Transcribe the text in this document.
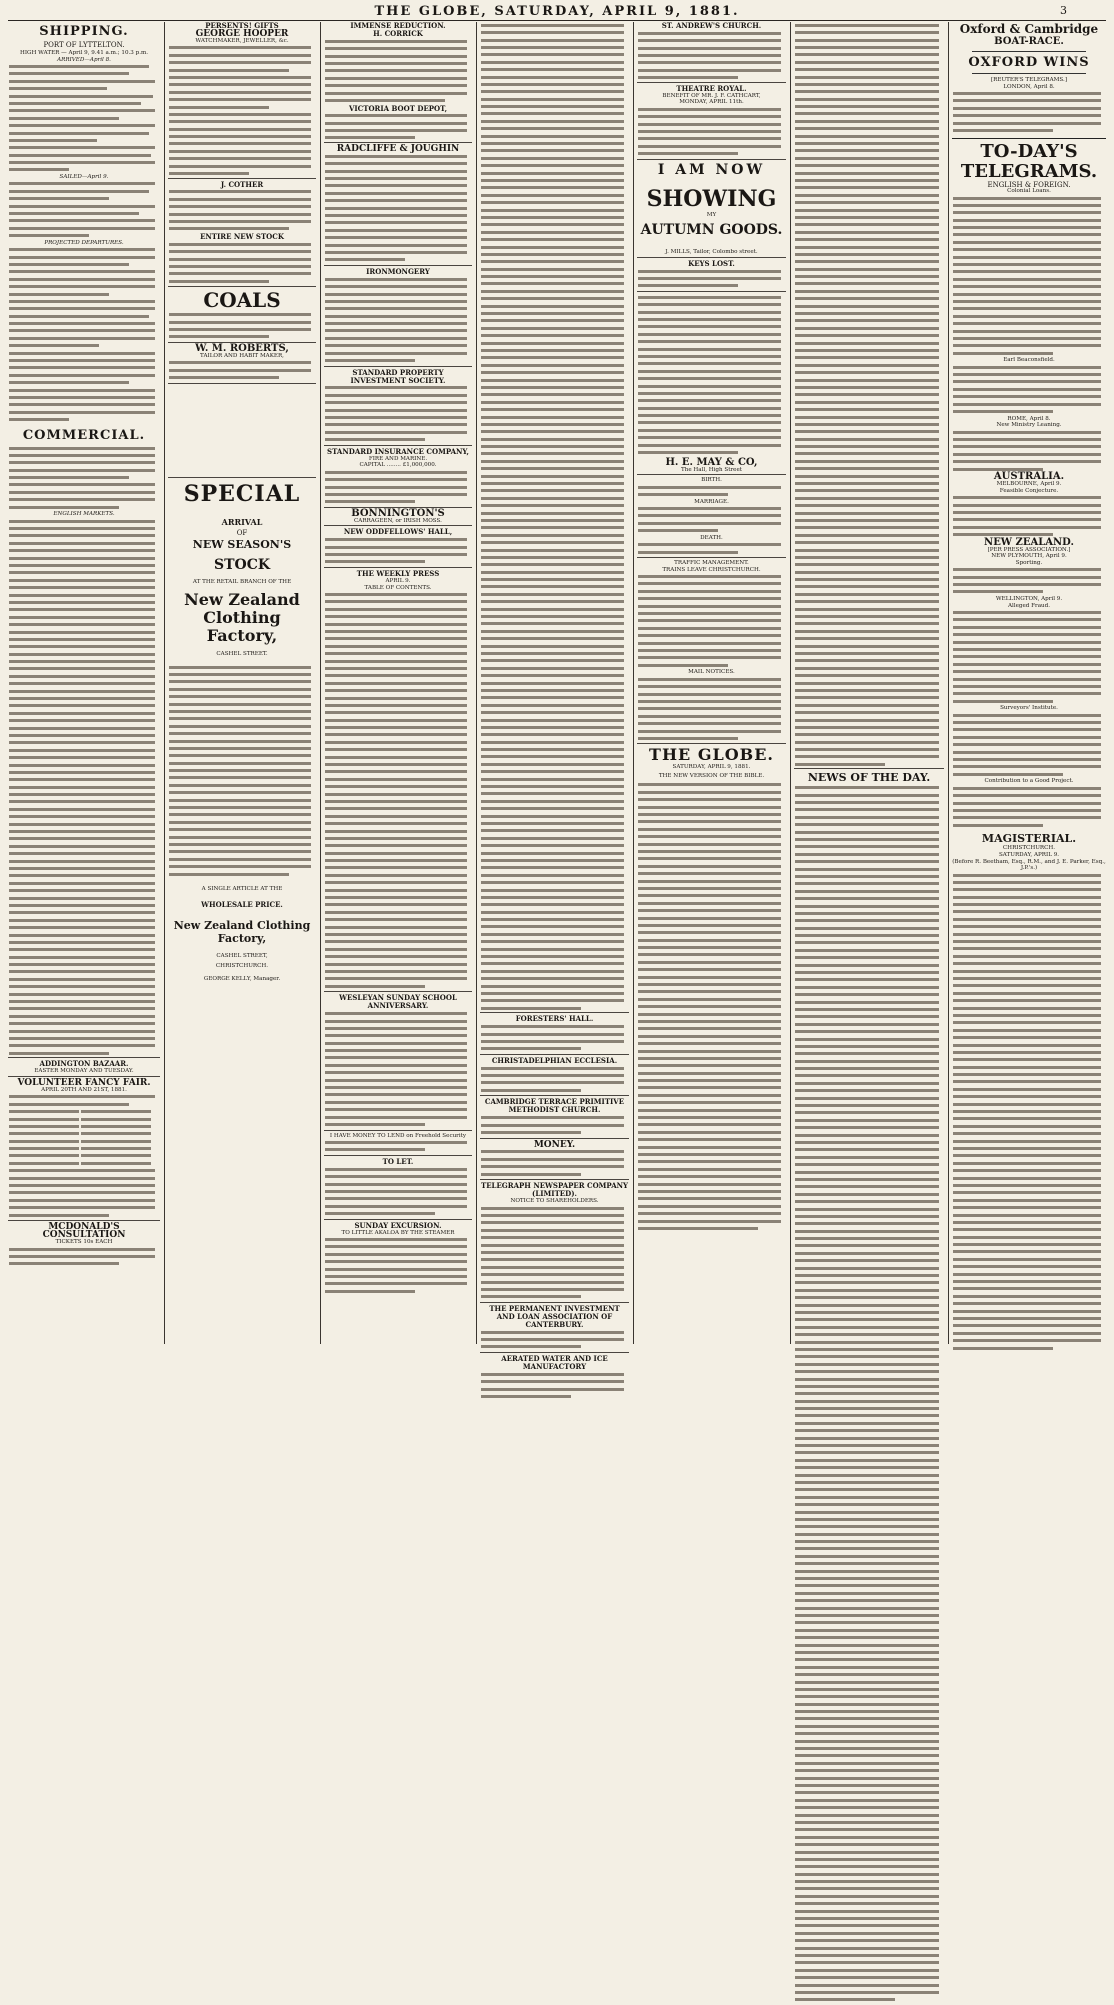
THE GLOBE, SATURDAY, APRIL 9, 1881.	3
SHIPPING.
PORT OF LYTTELTON.
HIGH WATER — April 9, 9.41 a.m.; 10.3 p.m.
ARRIVED—April 8.
SAILED—April 9.
PROJECTED DEPARTURES.
COMMERCIAL.
ENGLISH MARKETS.
ADDINGTON BAZAAR.
EASTER MONDAY AND TUESDAY.
VOLUNTEER FANCY FAIR.
APRIL 20TH AND 21ST, 1881.
MCDONALD'S CONSULTATION
TICKETS 10s EACH
PERSENTS! GIFTS
GEORGE HOOPER
WATCHMAKER, JEWELLER, &c.
J. COTHER
ENTIRE NEW STOCK
COALS
W. M. ROBERTS,
TAILOR AND HABIT MAKER,
SPECIAL
ARRIVAL
OF
NEW SEASON'S
STOCK
AT THE RETAIL BRANCH OF THE
New Zealand
Clothing Factory,
CASHEL STREET.
A SINGLE ARTICLE AT THE
WHOLESALE PRICE.
New Zealand Clothing
Factory,
CASHEL STREET,
CHRISTCHURCH.
GEORGE KELLY, Manager.
IMMENSE REDUCTION.
H. CORRICK
VICTORIA BOOT DEPOT,
RADCLIFFE & JOUGHIN
IRONMONGERY
STANDARD PROPERTY INVESTMENT SOCIETY.
STANDARD INSURANCE COMPANY,
FIRE AND MARINE.
CAPITAL ........ £1,000,000.
BONNINGTON'S
CARRAGEEN, or IRISH MOSS.
NEW ODDFELLOWS' HALL,
THE WEEKLY PRESS
APRIL 9.
TABLE OF CONTENTS.
WESLEYAN SUNDAY SCHOOL ANNIVERSARY.
I HAVE MONEY TO LEND on Freehold Security
TO LET.
SUNDAY EXCURSION.
TO LITTLE AKALOA BY THE STEAMER
FORESTERS' HALL.
CHRISTADELPHIAN ECCLESIA.
CAMBRIDGE TERRACE PRIMITIVE METHODIST CHURCH.
MONEY.
TELEGRAPH NEWSPAPER COMPANY (LIMITED).
NOTICE TO SHAREHOLDERS.
THE PERMANENT INVESTMENT AND LOAN ASSOCIATION OF CANTERBURY.
AERATED WATER AND ICE MANUFACTORY
ST. ANDREW'S CHURCH.
THEATRE ROYAL.
BENEFIT OF MR. J. F. CATHCART,
MONDAY, APRIL 11th.
I AM NOW
SHOWING
MY
AUTUMN GOODS.
J. MILLS, Tailor, Colombo street.
KEYS LOST.
H. E. MAY & CO,
The Hall, High Street
BIRTH.
MARRIAGE.
DEATH.
TRAFFIC MANAGEMENT.
TRAINS LEAVE CHRISTCHURCH.
MAIL NOTICES.
THE GLOBE.
SATURDAY, APRIL 9, 1881.
THE NEW VERSION OF THE BIBLE.	NEWS OF THE DAY.
Oxford & Cambridge
BOAT-RACE.
OXFORD WINS
[REUTER'S TELEGRAMS.]
LONDON, April 8.
TO-DAY'S
TELEGRAMS.
ENGLISH & FOREIGN.
Colonial Loans.
Earl Beaconsfield.
ROME, April 8.
New Ministry Leaning.
AUSTRALIA.
MELBOURNE, April 9.
Feasible Conjecture.
NEW ZEALAND.
[PER PRESS ASSOCIATION.]
NEW PLYMOUTH, April 9.
Sporting.
WELLINGTON, April 9.
Alleged Fraud.
Surveyors' Institute.
Contribution to a Good Project.
MAGISTERIAL.
CHRISTCHURCH.
SATURDAY, APRIL 9.
(Before R. Beetham, Esq., R.M., and J. E. Parker, Esq., J.P.'s.)
